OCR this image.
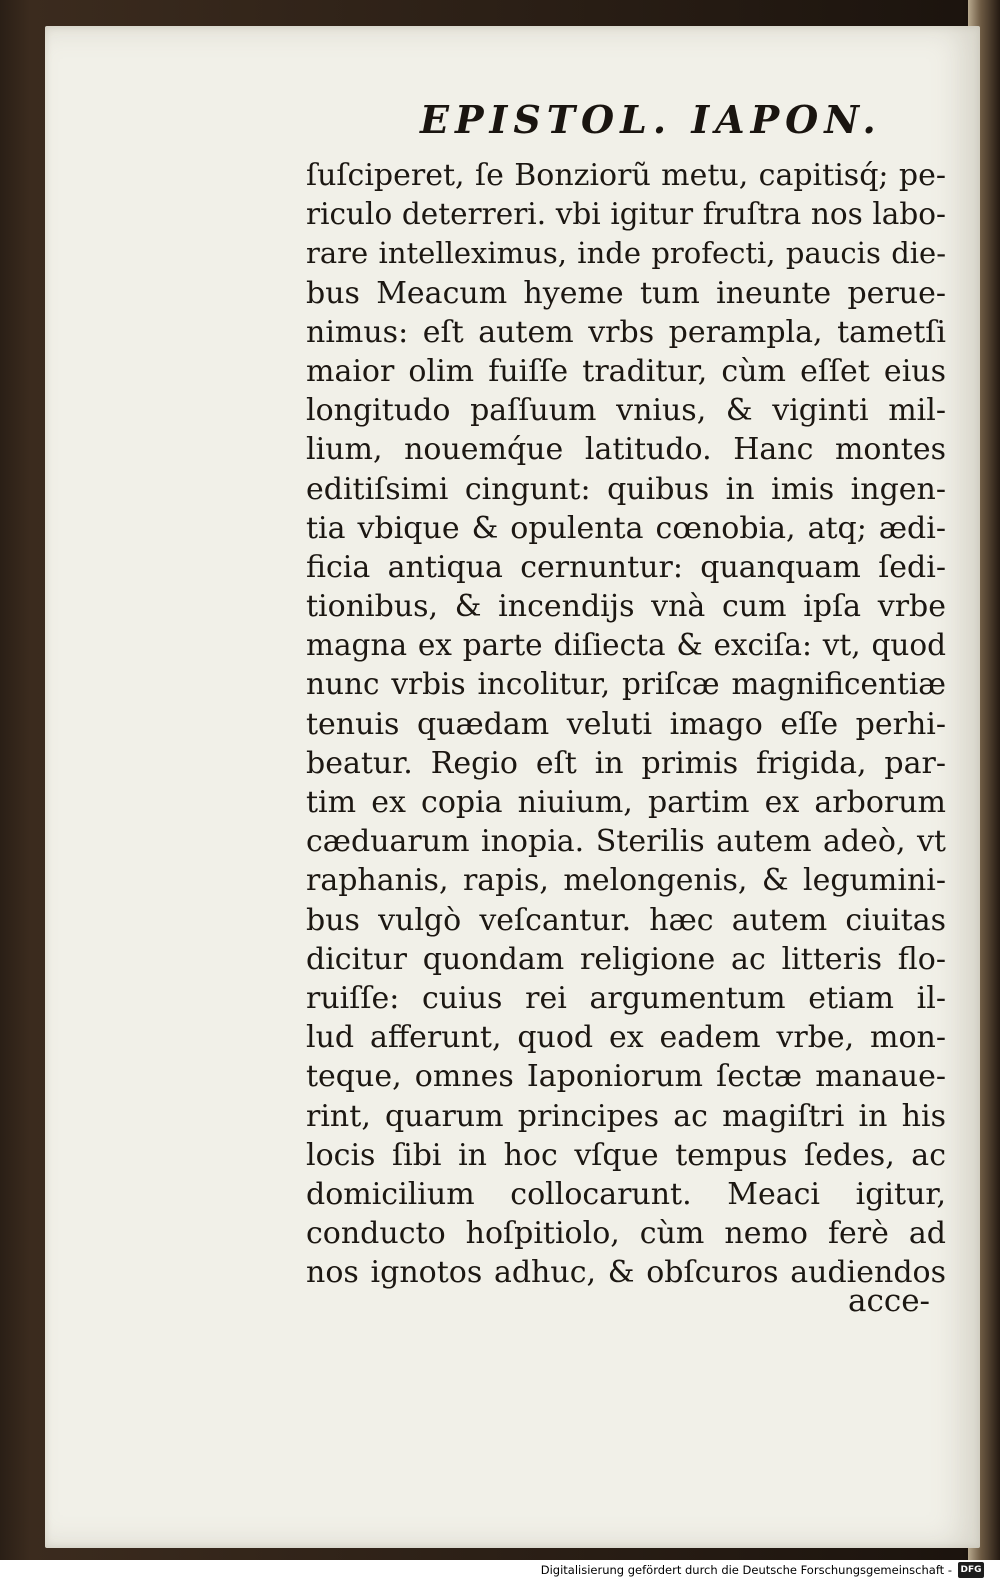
EPISTOL. IAPON.
ſuſciperet, ſe Bonziorũ metu, capitisq́; pe-
riculo deterreri. vbi igitur fruſtra nos labo-
rare intelleximus, inde profecti, paucis die-
bus Meacum hyeme tum ineunte perue-
nimus: eſt autem vrbs perampla, tametſi
maior olim fuiſſe traditur, cùm eſſet eius
longitudo paſſuum vnius, & viginti mil-
lium, nouemq́ue latitudo. Hanc montes
editiſsimi cingunt: quibus in imis ingen-
tia vbique & opulenta cœnobia, atq; ædi-
ficia antiqua cernuntur: quanquam ſedi-
tionibus, & incendijs vnà cum ipſa vrbe
magna ex parte diſiecta & exciſa: vt, quod
nunc vrbis incolitur, priſcæ magnificentiæ
tenuis quædam veluti imago eſſe perhi-
beatur. Regio eſt in primis frigida, par-
tim ex copia niuium, partim ex arborum
cæduarum inopia. Sterilis autem adeò, vt
raphanis, rapis, melongenis, & legumini-
bus vulgò veſcantur. hæc autem ciuitas
dicitur quondam religione ac litteris flo-
ruiſſe: cuius rei argumentum etiam il-
lud afferunt, quod ex eadem vrbe, mon-
teque, omnes Iaponiorum ſectæ manaue-
rint, quarum principes ac magiſtri in his
locis ſibi in hoc vſque tempus ſedes, ac
domicilium collocarunt. Meaci igitur,
conducto hoſpitiolo, cùm nemo ferè ad
nos ignotos adhuc, & obſcuros audiendos
acce-
Digitalisierung gefördert durch die Deutsche Forschungsgemeinschaft - DFG
